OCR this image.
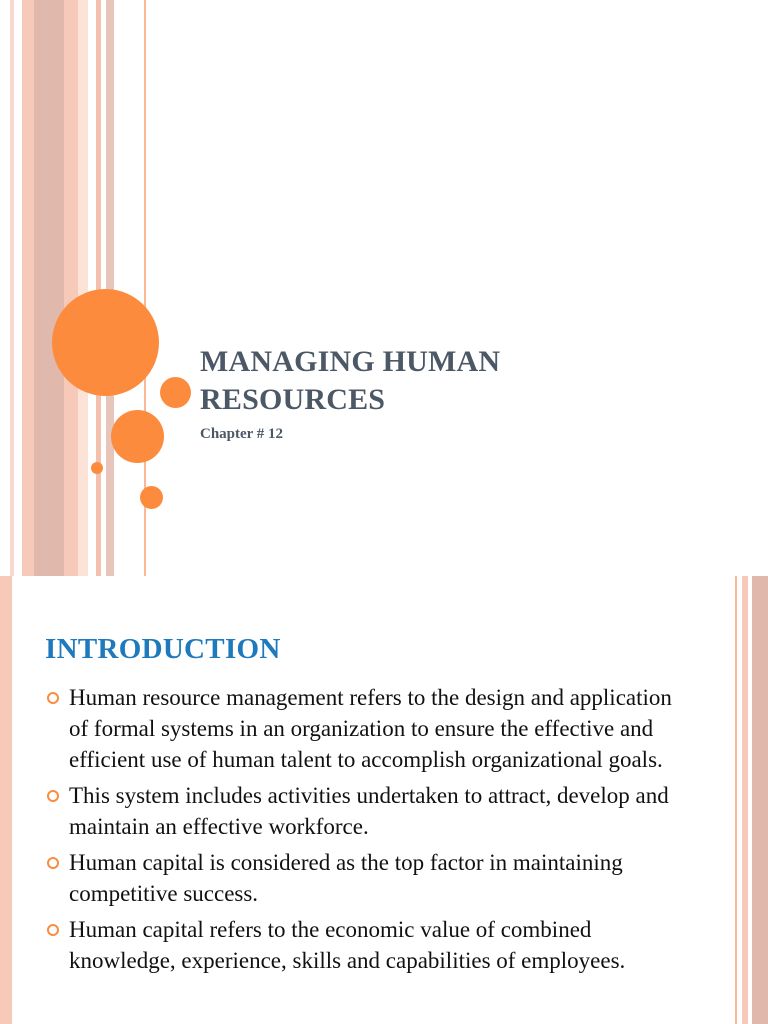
MANAGING HUMAN RESOURCES
Chapter # 12
INTRODUCTION
Human resource management refers to the design and application of formal systems in an organization to ensure the effective and efficient use of human talent to accomplish organizational goals.
This system includes activities undertaken to attract, develop and maintain an effective workforce.
Human capital is considered as the top factor in maintaining competitive success.
Human capital refers to the economic value of combined knowledge, experience, skills and capabilities of employees.
